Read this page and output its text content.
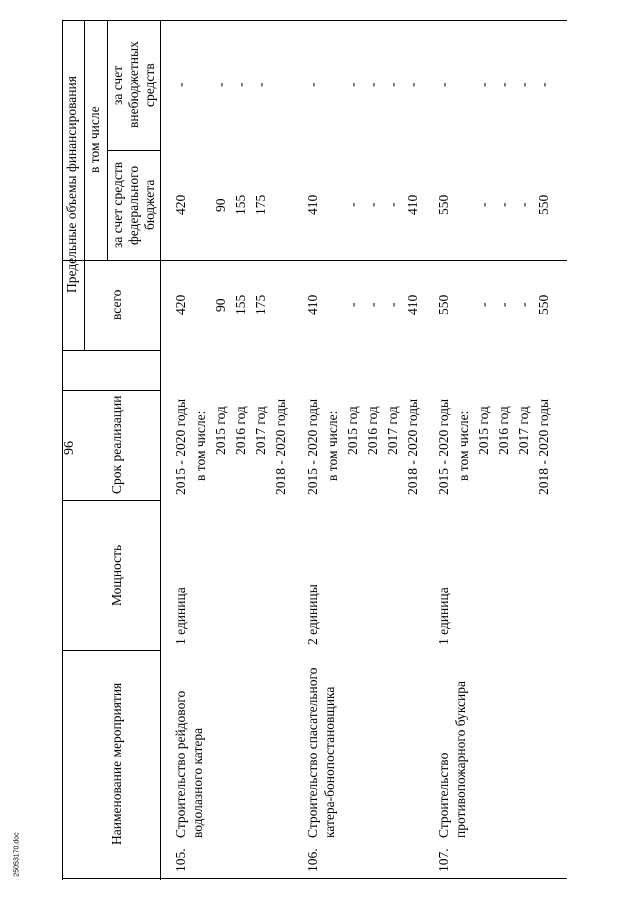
96
25053170.doc
Наименование мероприятия
Мощность
Срок реализации
Предельные объемы финансирования
всего
в том числе
за счет средств федерального бюджета
за счет внебюджетных средств
105.
Строительство рейдового водолазного катера
1 единица
2015 - 2020 годы
420
420
-
в том числе: 2015 год
90
90
-
2016 год
155
155
-
2017 год
175
175
-
2018 - 2020 годы
106.
Строительство спасательного катера-бонопостановщика
2 единицы
2015 - 2020 годы
410
410
-
в том числе: 2015 год
-
-
-
2016 год
-
-
-
2017 год
-
-
-
2018 - 2020 годы
410
410
-
107.
Строительство противопожарного буксира
1 единица
2015 - 2020 годы
550
550
-
в том числе: 2015 год
-
-
-
2016 год
-
-
-
2017 год
-
-
-
2018 - 2020 годы
550
550
-
